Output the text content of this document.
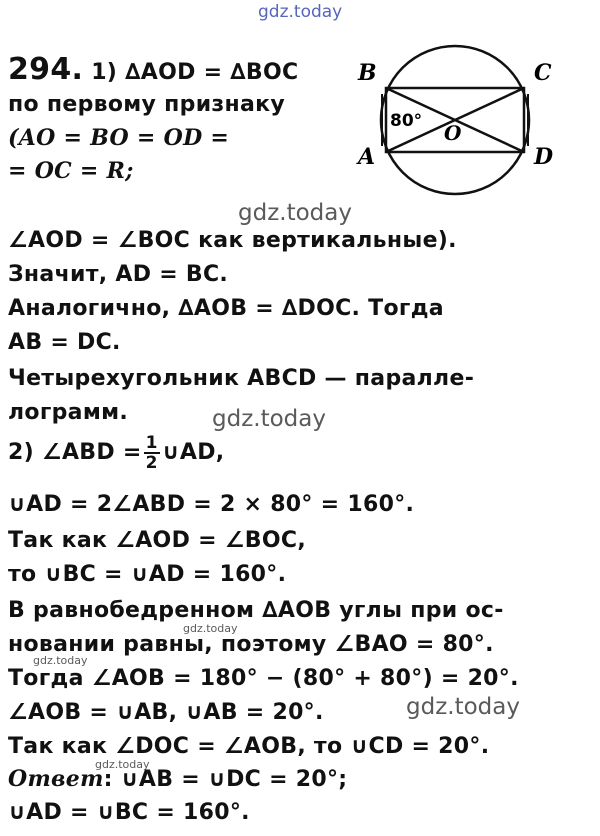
gdz.today
gdz.today
gdz.today
gdz.today
gdz.today
gdz.today
gdz.today
B	C
A	D
O
80°
294. 1) ∆AOD = ∆BOC
по первому признаку
(AO = BO = OD =
= OC = R;
∠AOD = ∠BOC как вертикальные).
Значит, AD = BC.
Аналогично, ∆AOB = ∆DOC. Тогда
AB = DC.
Четырехугольник ABCD — параллe-
лограмм.
2) ∠ABD = $\frac{1}{2}$ ∪AD,
∪AD = 2∠ABD = 2 × 80° = 160°.
Так как ∠AOD = ∠BOC,
то ∪BC = ∪AD = 160°.
В равнобедренном ∆AOB углы при ос-
новании равны, поэтому ∠BAO = 80°.
Тогда ∠AOB = 180° − (80° + 80°) = 20°.
∠AOB = ∪AB, ∪AB = 20°.
Так как ∠DOC = ∠AOB, то ∪CD = 20°.
Ответ: ∪AB = ∪DC = 20°;
∪AD = ∪BC = 160°.
